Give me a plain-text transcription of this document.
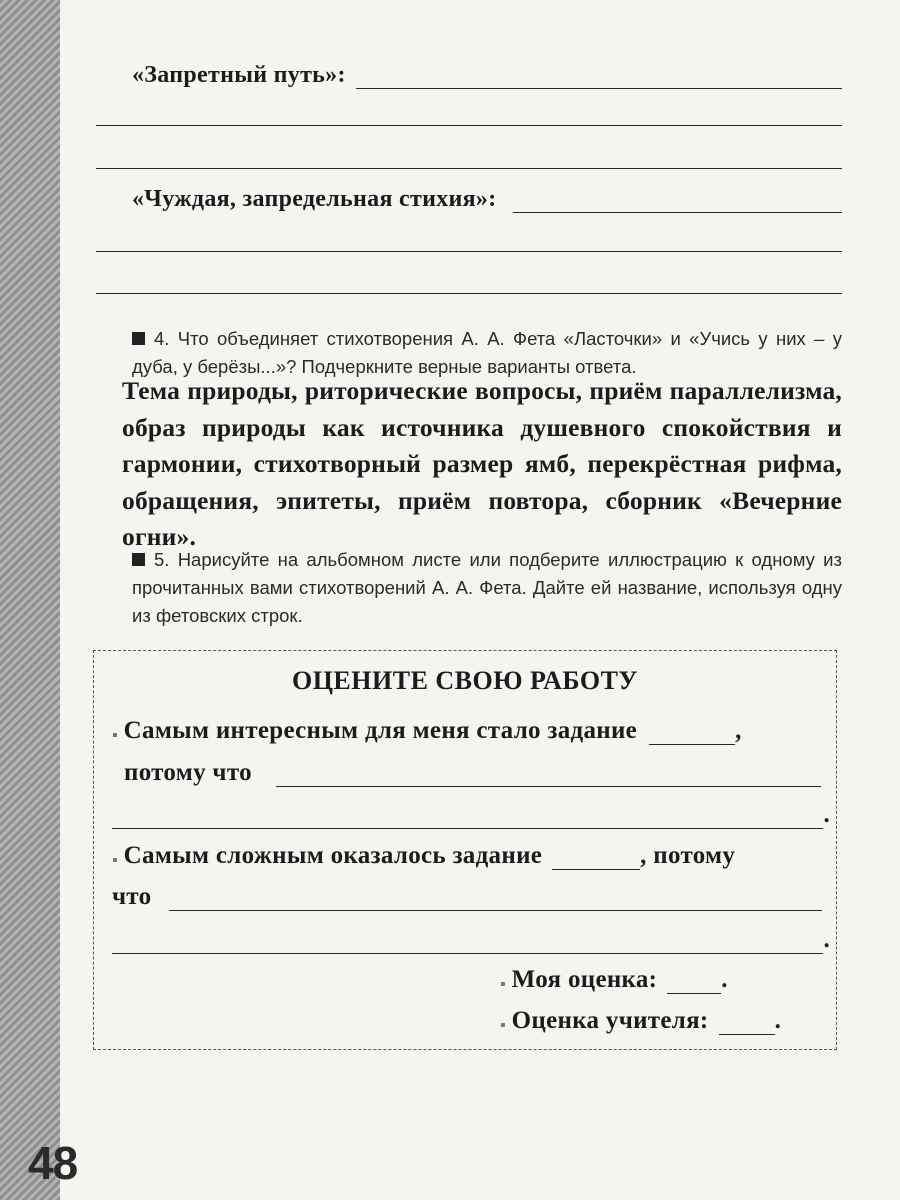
«Запретный путь»:
«Чуждая, запредельная стихия»:
4. Что объединяет стихотворения А. А. Фета «Ласточки» и «Учись у них – у дуба, у берёзы...»? Подчеркните верные варианты ответа.
Тема природы, риторические вопросы, приём параллелизма, образ природы как источника душевного спокойствия и гармонии, стихотворный размер ямб, перекрёстная рифма, обращения, эпитеты, приём повтора, сборник «Вечерние огни».
5. Нарисуйте на альбомном листе или подберите иллюстрацию к одному из прочитанных вами стихотворений А. А. Фета. Дайте ей название, используя одну из фетовских строк.
ОЦЕНИТЕ СВОЮ РАБОТУ
▪ Самым интересным для меня стало задание	,
потому что
.
▪ Самым сложным оказалось задание	, потому
что
.
▪ Моя оценка:	.
▪ Оценка учителя:	.
48
